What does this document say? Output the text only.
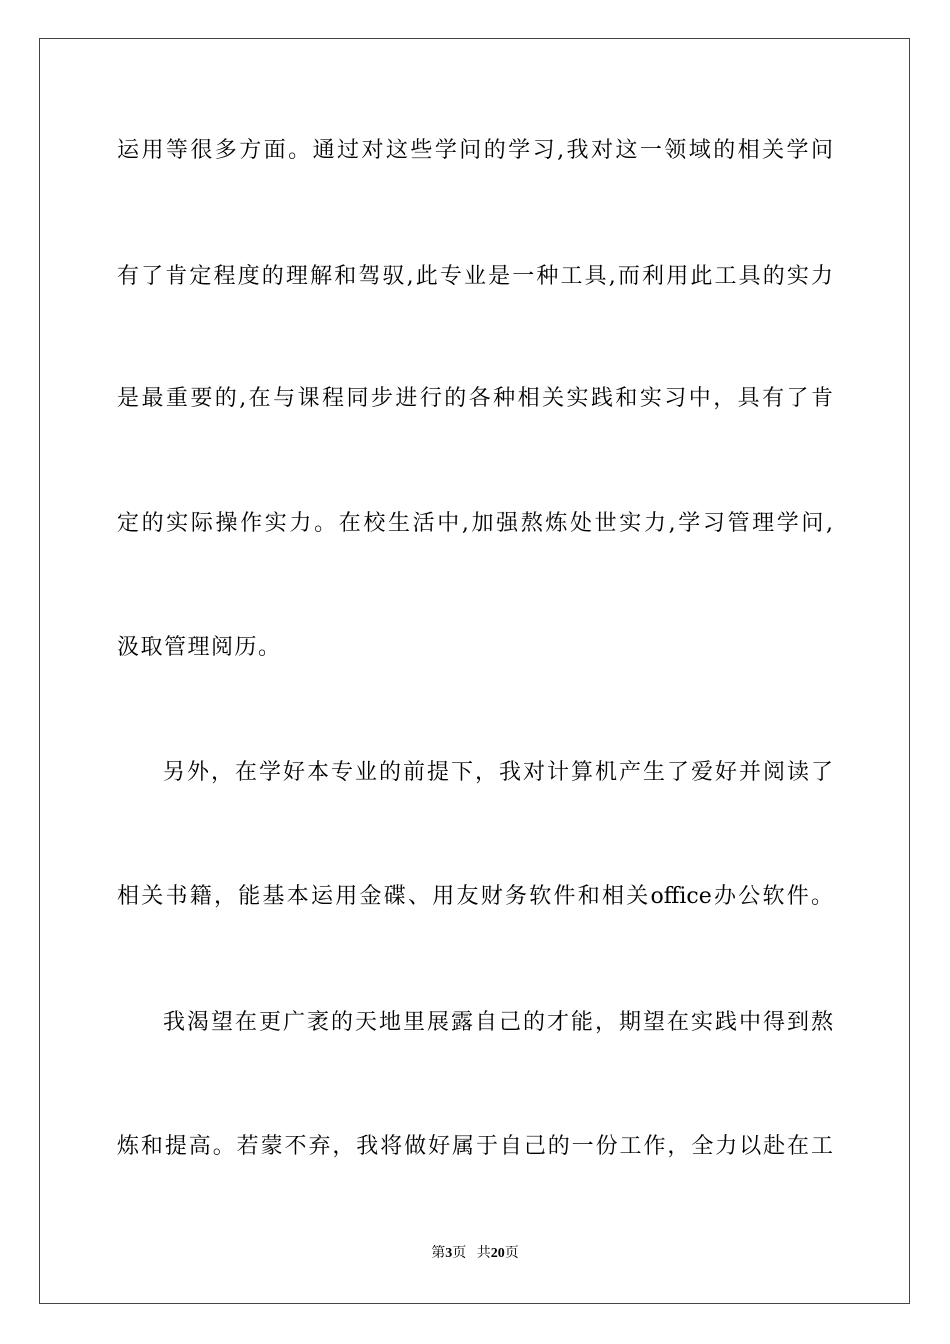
运用等很多方面。通过对这些学问的学习,我对这一领域的相关学问
有了肯定程度的理解和驾驭,此专业是一种工具,而利用此工具的实力
是最重要的,在与课程同步进行的各种相关实践和实习中，具有了肯
定的实际操作实力。在校生活中,加强熬炼处世实力,学习管理学问,
汲取管理阅历。
另外，在学好本专业的前提下，我对计算机产生了爱好并阅读了
相关书籍，能基本运用金碟、用友财务软件和相关office办公软件。
我渴望在更广袤的天地里展露自己的才能，期望在实践中得到熬
炼和提高。若蒙不弃，我将做好属于自己的一份工作，全力以赴在工
第3页 共20页
